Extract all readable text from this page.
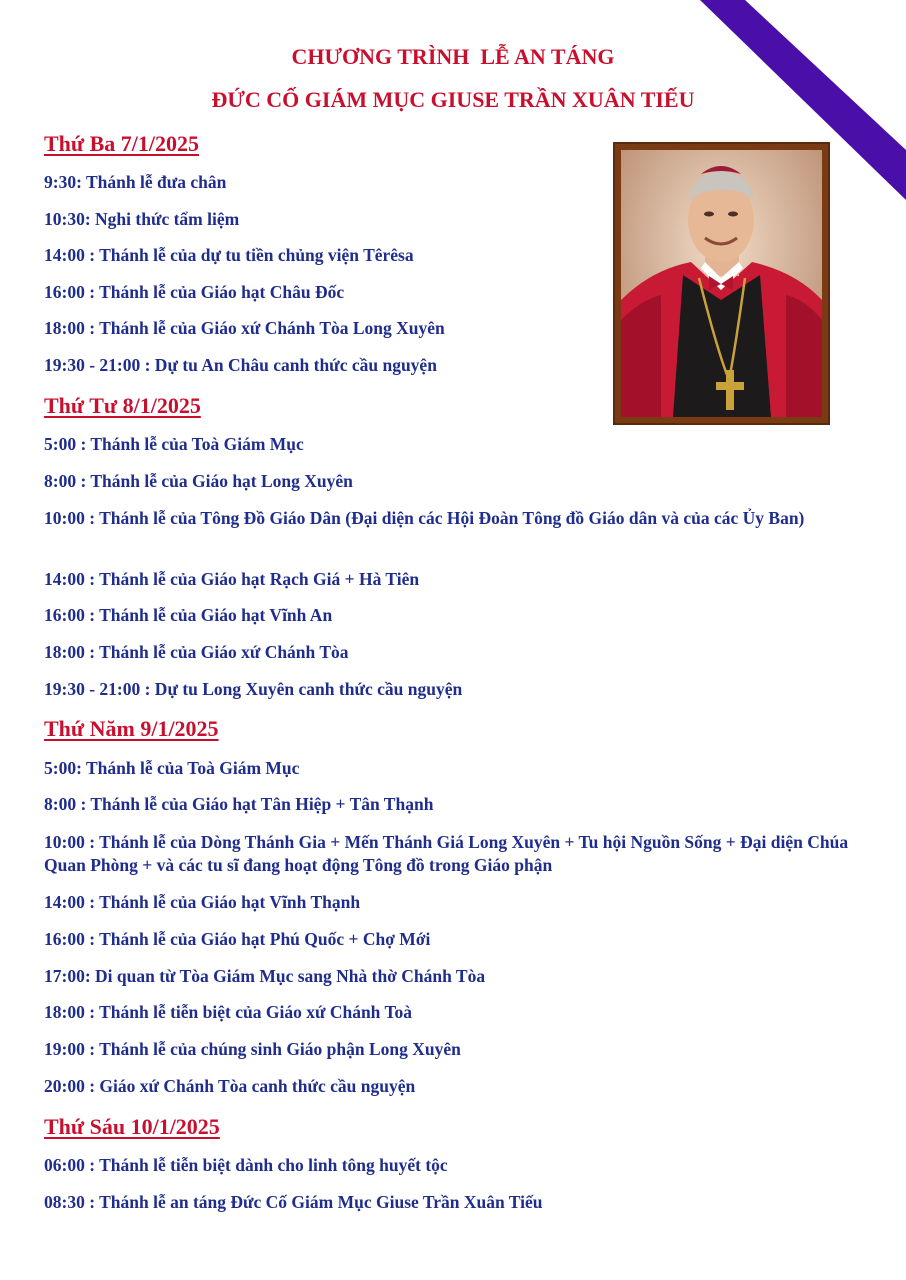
CHƯƠNG TRÌNH  LỄ AN TÁNG
ĐỨC CỐ GIÁM MỤC GIUSE TRẦN XUÂN TIẾU
Thứ Ba 7/1/2025
9:30: Thánh lễ đưa chân
10:30: Nghi thức tẩm liệm
14:00 : Thánh lễ của dự tu tiền chủng viện Têrêsa
16:00 : Thánh lễ của Giáo hạt Châu Đốc
18:00 : Thánh lễ của Giáo xứ Chánh Tòa Long Xuyên
19:30 - 21:00 : Dự tu An Châu canh thức cầu nguyện
Thứ Tư 8/1/2025
5:00 : Thánh lễ của Toà Giám Mục
8:00 : Thánh lễ của Giáo hạt Long Xuyên
10:00 : Thánh lễ của Tông Đồ Giáo Dân (Đại diện các Hội Đoàn Tông đồ Giáo dân và của các Ủy Ban)
14:00 : Thánh lễ của Giáo hạt Rạch Giá + Hà Tiên
16:00 : Thánh lễ của Giáo hạt Vĩnh An
18:00 : Thánh lễ của Giáo xứ Chánh Tòa
19:30 - 21:00 : Dự tu Long Xuyên canh thức cầu nguyện
Thứ Năm 9/1/2025
5:00: Thánh lễ của Toà Giám Mục
8:00 : Thánh lễ của Giáo hạt Tân Hiệp + Tân Thạnh
10:00 : Thánh lễ của Dòng Thánh Gia + Mến Thánh Giá Long Xuyên + Tu hội Nguồn Sống + Đại diện Chúa Quan Phòng + và các tu sĩ đang hoạt động Tông đồ trong Giáo phận
14:00 : Thánh lễ của Giáo hạt Vĩnh Thạnh
16:00 : Thánh lễ của Giáo hạt Phú Quốc + Chợ Mới
17:00: Di quan từ Tòa Giám Mục sang Nhà thờ Chánh Tòa
18:00 : Thánh lễ tiễn biệt của Giáo xứ Chánh Toà
19:00 : Thánh lễ của chúng sinh Giáo phận Long Xuyên
20:00 : Giáo xứ Chánh Tòa canh thức cầu nguyện
Thứ Sáu 10/1/2025
06:00 : Thánh lễ tiễn biệt dành cho linh tông huyết tộc
08:30 : Thánh lễ an táng Đức Cố Giám Mục Giuse Trần Xuân Tiếu
